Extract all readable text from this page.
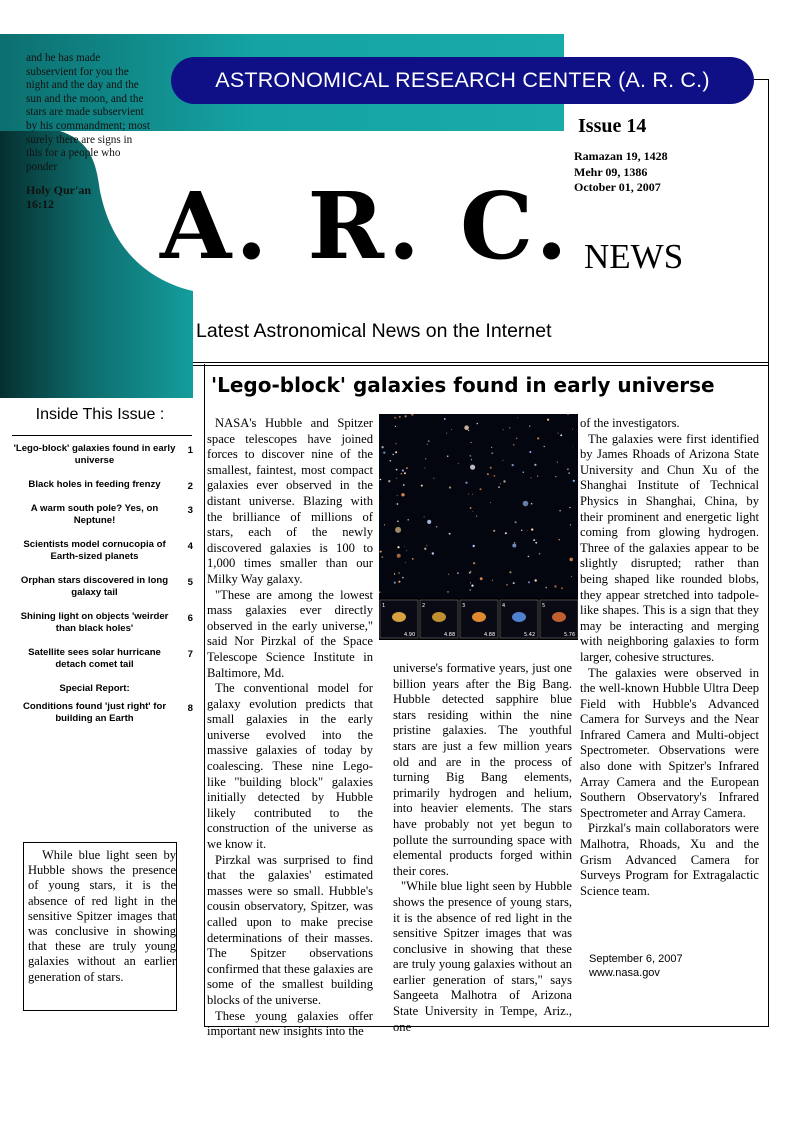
and he has made subservient for you the night and the day and the sun and the moon, and the stars are made subservient by his commandment; most surely there are signs in this for a people who ponder
Holy Qur'an
16:12
ASTRONOMICAL RESEARCH CENTER (A. R. C.)
Issue 14
Ramazan 19, 1428
Mehr 09, 1386
October 01, 2007
A. R. C. NEWS
Latest Astronomical News on the Internet
Inside This Issue :
'Lego-block' galaxies found in early universe
1
Black holes in feeding frenzy	2
A warm south pole? Yes, on Neptune!
3
Scientists model cornucopia of Earth-sized planets
4
Orphan stars discovered in long galaxy tail
5
Shining light on objects 'weirder than black holes'
6
Satellite sees solar hurricane detach comet tail
7
Special Report:
Conditions found 'just right' for building an Earth
8
While blue light seen by Hubble shows the presence of young stars, it is the absence of red light in the sensitive Spitzer images that was conclusive in showing that these are truly young galaxies without an earlier generation of stars.
'Lego-block' galaxies found in early universe

NASA's Hubble and Spitzer space telescopes have joined forces to discover nine of the smallest, faintest, most compact galaxies ever observed in the distant universe. Blazing with the brilliance of millions of stars, each of the newly discovered galaxies is 100 to 1,000 times smaller than our Milky Way galaxy.

"These are among the lowest mass galaxies ever directly observed in the early universe," said Nor Pirzkal of the Space Telescope Science Institute in Baltimore, Md.

The conventional model for galaxy evolution predicts that small galaxies in the early universe evolved into the massive galaxies of today by coalescing. These nine Lego-like "building block" galaxies initially detected by Hubble likely contributed to the construction of the universe as we know it.

Pirzkal was surprised to find that the galaxies' estimated masses were so small. Hubble's cousin observatory, Spitzer, was called upon to make precise determinations of their masses. The Spitzer observations confirmed that these galaxies are some of the smallest building blocks of the universe.

These young galaxies offer important new insights into the

1
4.90
2
4.88
3
4.88
4
5.42
5
5.76

universe's formative years, just one billion years after the Big Bang. Hubble detected sapphire blue stars residing within the nine pristine galaxies. The youthful stars are just a few million years old and are in the process of turning Big Bang elements, primarily hydrogen and helium, into heavier elements. The stars have probably not yet begun to pollute the surrounding space with elemental products forged within their cores.

"While blue light seen by Hubble shows the presence of young stars, it is the absence of red light in the sensitive Spitzer images that was conclusive in showing that these are truly young galaxies without an earlier generation of stars," says Sangeeta Malhotra of Arizona State University in Tempe, Ariz., one

of the investigators.

The galaxies were first identified by James Rhoads of Arizona State University and Chun Xu of the Shanghai Institute of Technical Physics in Shanghai, China, by their prominent and energetic light coming from glowing hydrogen. Three of the galaxies appear to be slightly disrupted; rather than being shaped like rounded blobs, they appear stretched into tadpole-like shapes. This is a sign that they may be interacting and merging with neighboring galaxies to form larger, cohesive structures.

The galaxies were observed in the well-known Hubble Ultra Deep Field with Hubble's Advanced Camera for Surveys and the Near Infrared Camera and Multi-object Spectrometer. Observations were also done with Spitzer's Infrared Array Camera and the European Southern Observatory's Infrared Spectrometer and Array Camera.

Pirzkal's main collaborators were Malhotra, Rhoads, Xu and the Grism Advanced Camera for Surveys Program for Extragalactic Science team.

September 6, 2007
www.nasa.gov
